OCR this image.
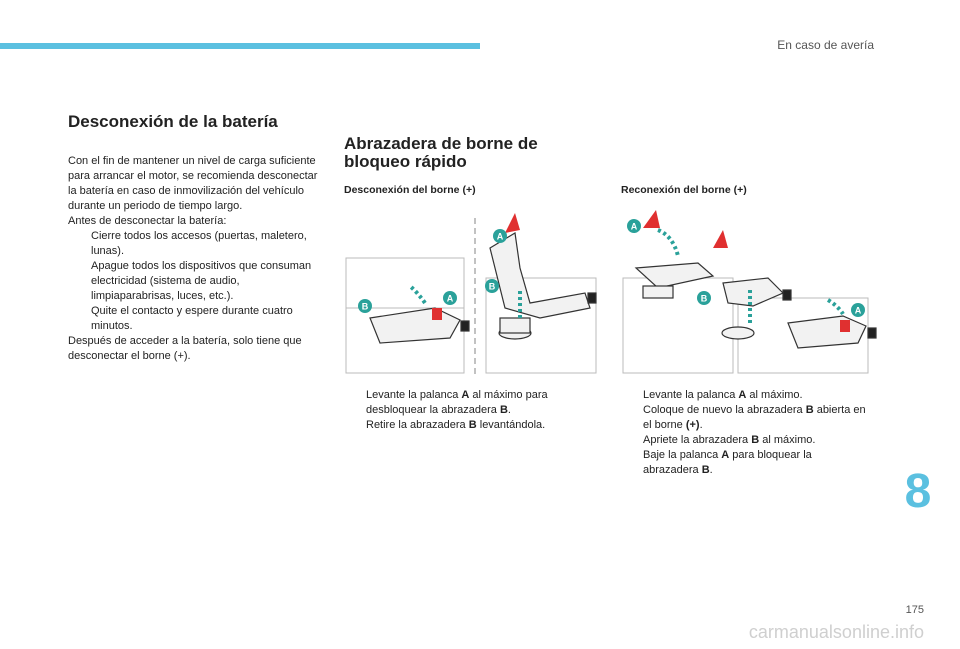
En caso de avería
Desconexión de la batería

Con el fin de mantener un nivel de carga suficiente para arrancar el motor, se recomienda desconectar la batería en caso de inmovilización del vehículo durante un periodo de tiempo largo.

Antes de desconectar la batería:

Cierre todos los accesos (puertas, maletero, lunas).
Apague todos los dispositivos que consuman electricidad (sistema de audio, limpiaparabrisas, luces, etc.).
Quite el contacto y espere durante cuatro minutos.

Después de acceder a la batería, solo tiene que desconectar el borne (+).

Abrazadera de borne de
bloqueo rápido
Desconexión del borne (+)	Reconexión del borne (+)
B
A
A
B
A
B
A
Levante la palanca A al máximo para desbloquear la abrazadera B.
Retire la abrazadera B levantándola.
Levante la palanca A al máximo.
Coloque de nuevo la abrazadera B abierta en el borne (+).
Apriete la abrazadera B al máximo.
Baje la palanca A para bloquear la abrazadera B.	8
175
carmanualsonline.info
